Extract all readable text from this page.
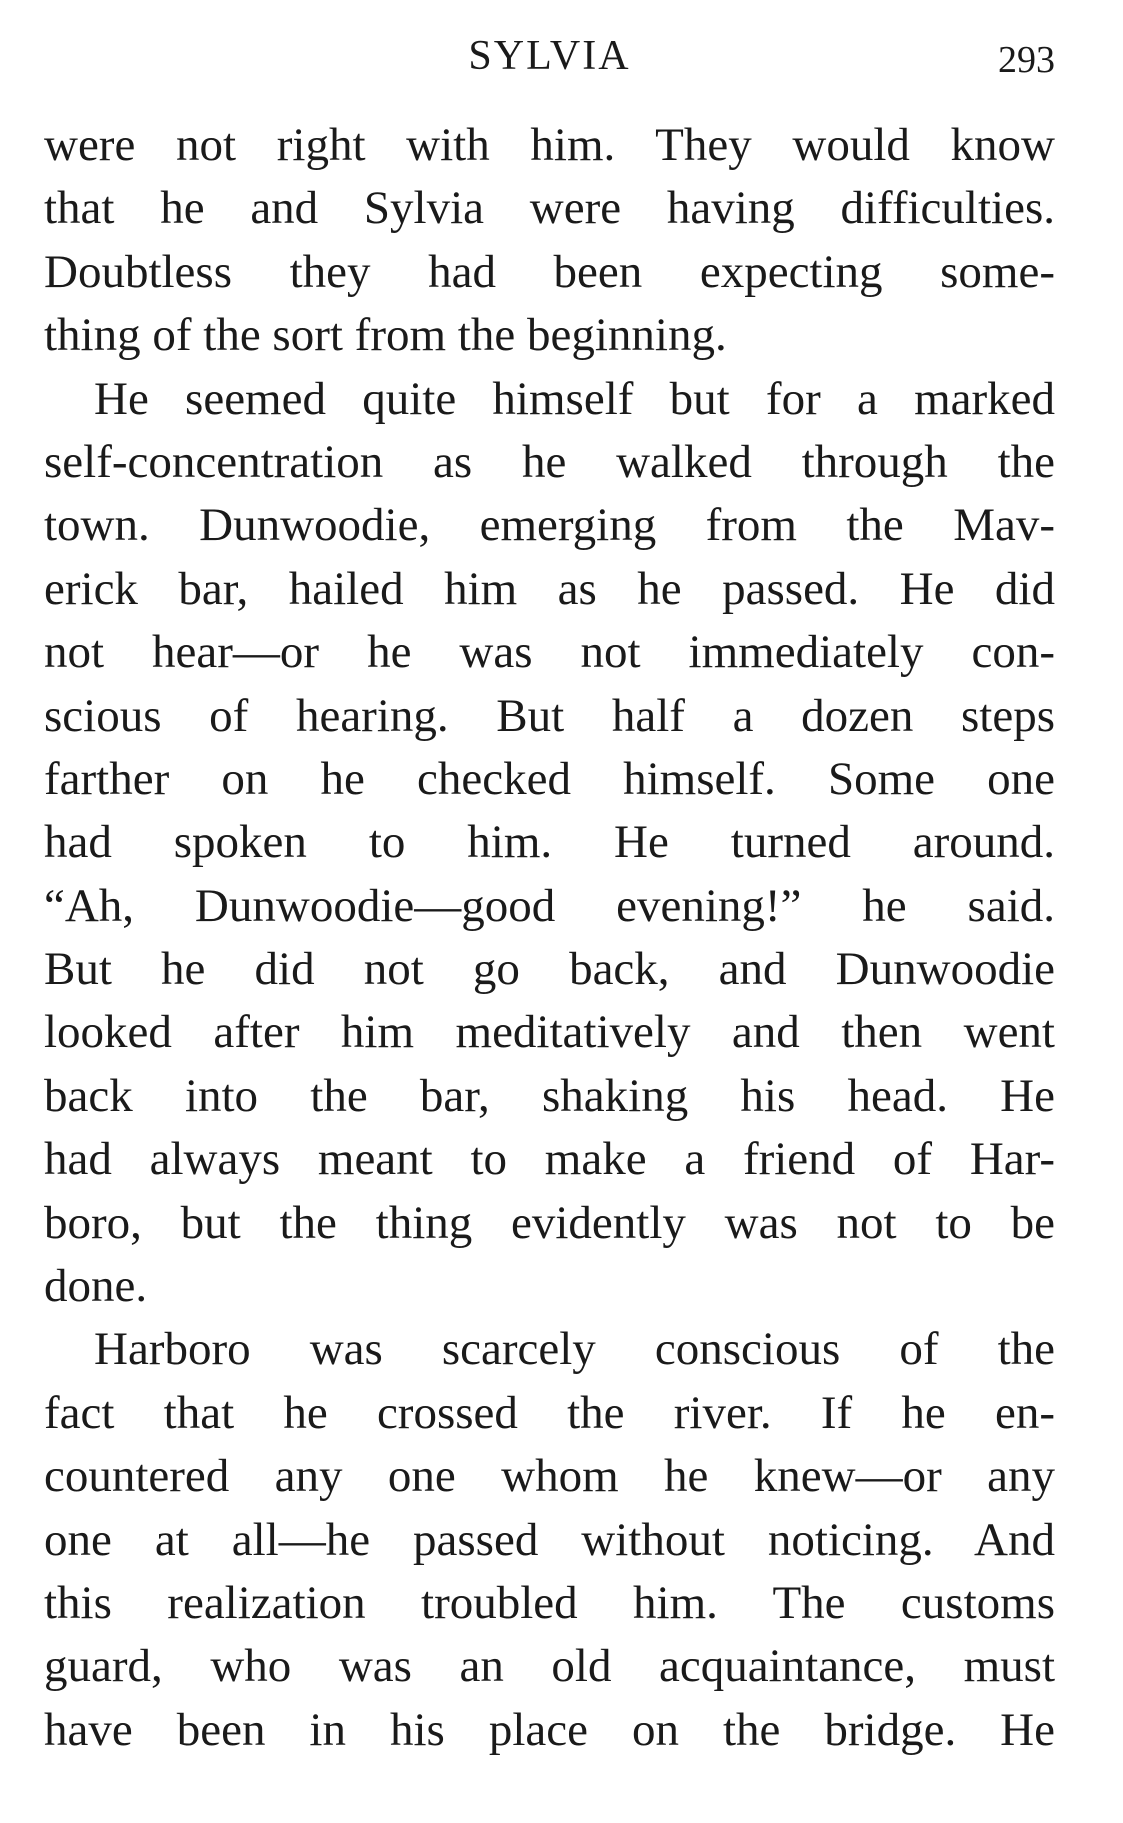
SYLVIA	293
were not right with him. They would know
that he and Sylvia were having difficulties.
Doubtless they had been expecting some-
thing of the sort from the beginning.
He seemed quite himself but for a marked
self-concentration as he walked through the
town. Dunwoodie, emerging from the Mav-
erick bar, hailed him as he passed. He did
not hear—or he was not immediately con-
scious of hearing. But half a dozen steps
farther on he checked himself. Some one
had spoken to him. He turned around.
“Ah, Dunwoodie—good evening!” he said.
But he did not go back, and Dunwoodie
looked after him meditatively and then went
back into the bar, shaking his head. He
had always meant to make a friend of Har-
boro, but the thing evidently was not to be
done.
Harboro was scarcely conscious of the
fact that he crossed the river. If he en-
countered any one whom he knew—or any
one at all—he passed without noticing. And
this realization troubled him. The customs
guard, who was an old acquaintance, must
have been in his place on the bridge. He
